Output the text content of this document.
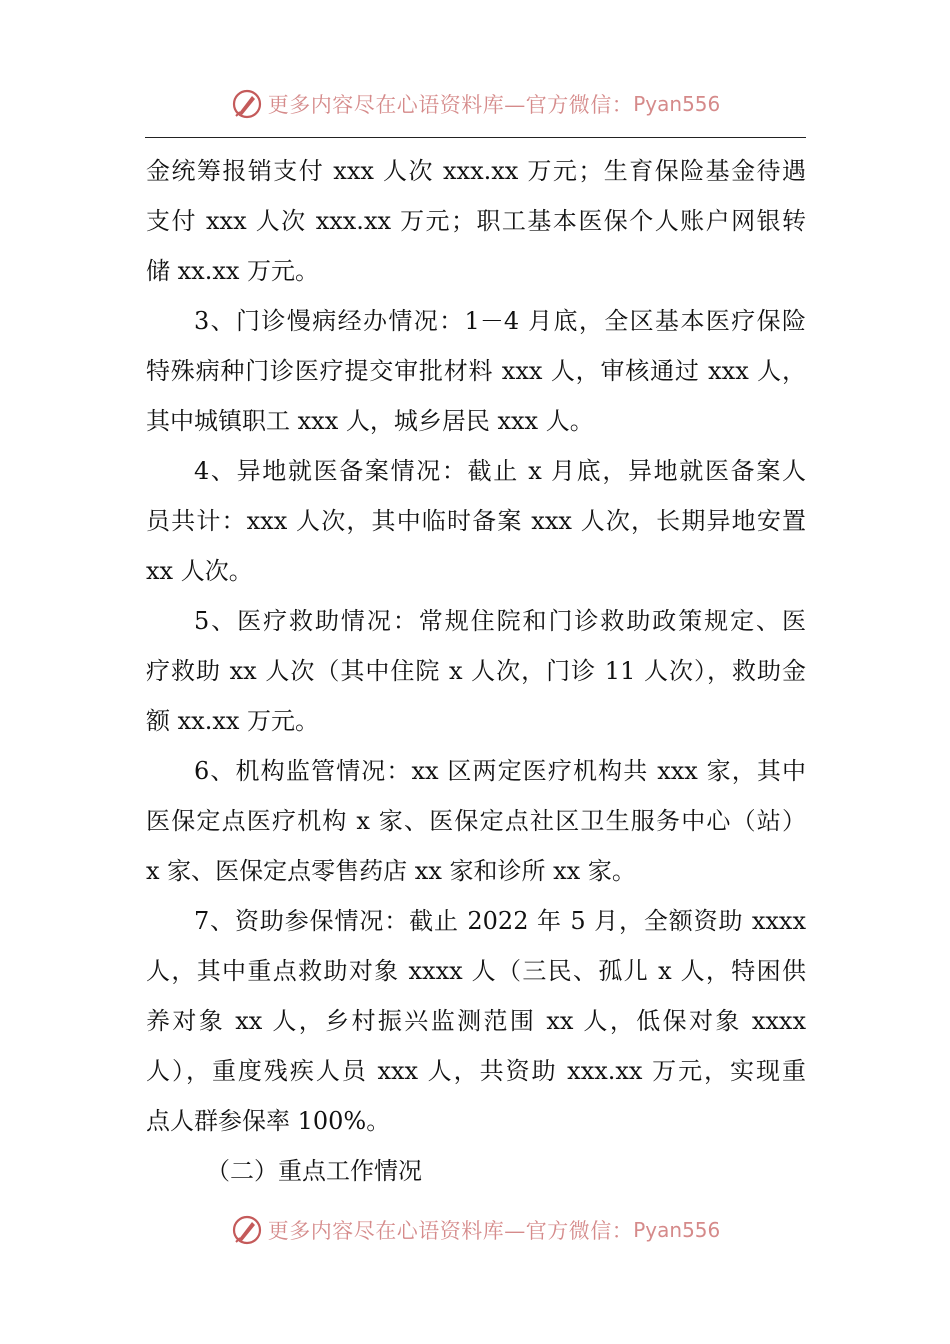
更多内容尽在心语资料库—官方微信： Pyan556
金统筹报销支付 xxx 人次 xxx.xx 万元；生育保险基金待遇
支付 xxx 人次 xxx.xx 万元；职工基本医保个人账户网银转
储 xx.xx 万元。
3、门诊慢病经办情况：1－4 月底，全区基本医疗保险
特殊病种门诊医疗提交审批材料 xxx 人，审核通过 xxx 人，
其中城镇职工 xxx 人，城乡居民 xxx 人。
4、异地就医备案情况：截止 x 月底，异地就医备案人
员共计：xxx 人次，其中临时备案 xxx 人次，长期异地安置
xx 人次。
5、医疗救助情况：常规住院和门诊救助政策规定、医
疗救助 xx 人次（其中住院 x 人次，门诊 11 人次），救助金
额 xx.xx 万元。
6、机构监管情况：xx 区两定医疗机构共 xxx 家，其中
医保定点医疗机构 x 家、医保定点社区卫生服务中心（站）
x 家、医保定点零售药店 xx 家和诊所 xx 家。
7、资助参保情况：截止 2022 年 5 月，全额资助 xxxx
人，其中重点救助对象 xxxx 人（三民、孤儿 x 人，特困供
养对象 xx 人，乡村振兴监测范围 xx 人，低保对象 xxxx
人），重度残疾人员 xxx 人，共资助 xxx.xx 万元，实现重
点人群参保率 100%。
（二）重点工作情况
更多内容尽在心语资料库—官方微信： Pyan556
